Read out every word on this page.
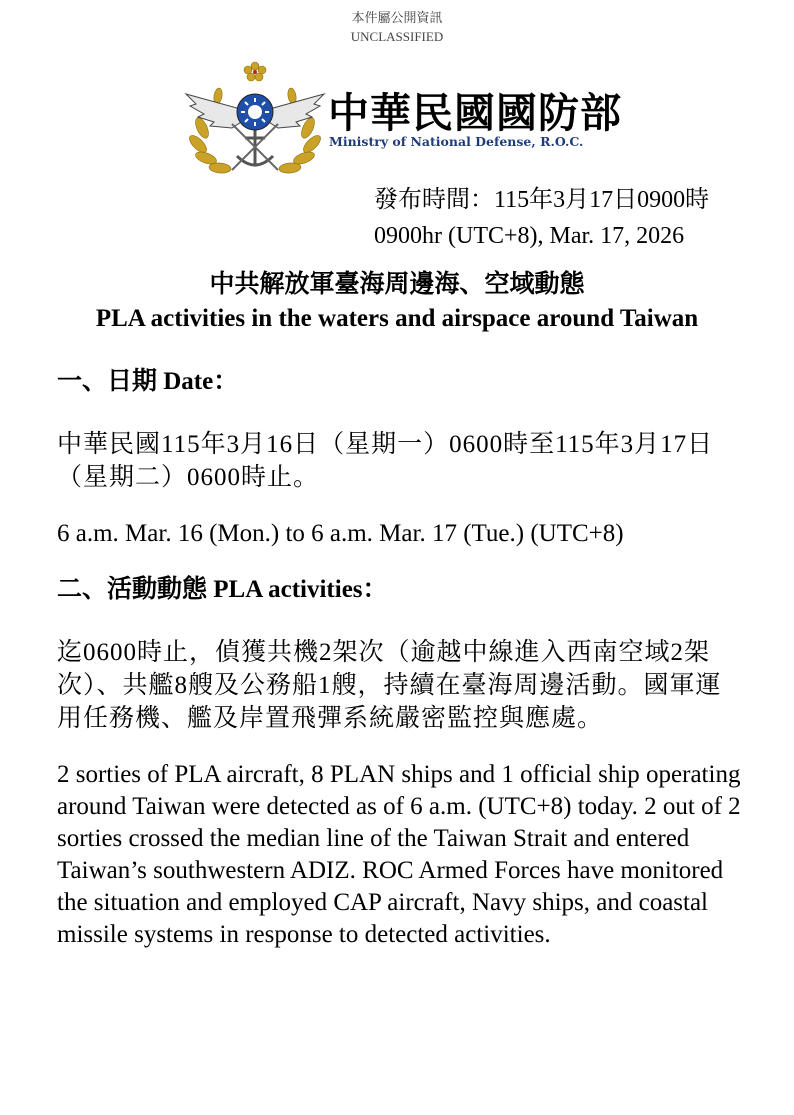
本件屬公開資訊
UNCLASSIFIED
中華民國國防部
Ministry of National Defense, R.O.C.
發布時間：115年3月17日0900時
0900hr (UTC+8), Mar. 17, 2026
中共解放軍臺海周邊海、空域動態
PLA activities in the waters and airspace around Taiwan
一、日期 Date：
中華民國115年3月16日（星期一）0600時至115年3月17日（星期二）0600時止。
6 a.m. Mar. 16 (Mon.) to 6 a.m. Mar. 17 (Tue.) (UTC+8)
二、活動動態 PLA activities：
迄0600時止，偵獲共機2架次（逾越中線進入西南空域2架次）、共艦8艘及公務船1艘，持續在臺海周邊活動。國軍運用任務機、艦及岸置飛彈系統嚴密監控與應處。
2 sorties of PLA aircraft, 8 PLAN ships and 1 official ship operating around Taiwan were detected as of 6 a.m. (UTC+8) today. 2 out of 2 sorties crossed the median line of the Taiwan Strait and entered Taiwan’s southwestern ADIZ. ROC Armed Forces have monitored the situation and employed CAP aircraft, Navy ships, and coastal missile systems in response to detected activities.
